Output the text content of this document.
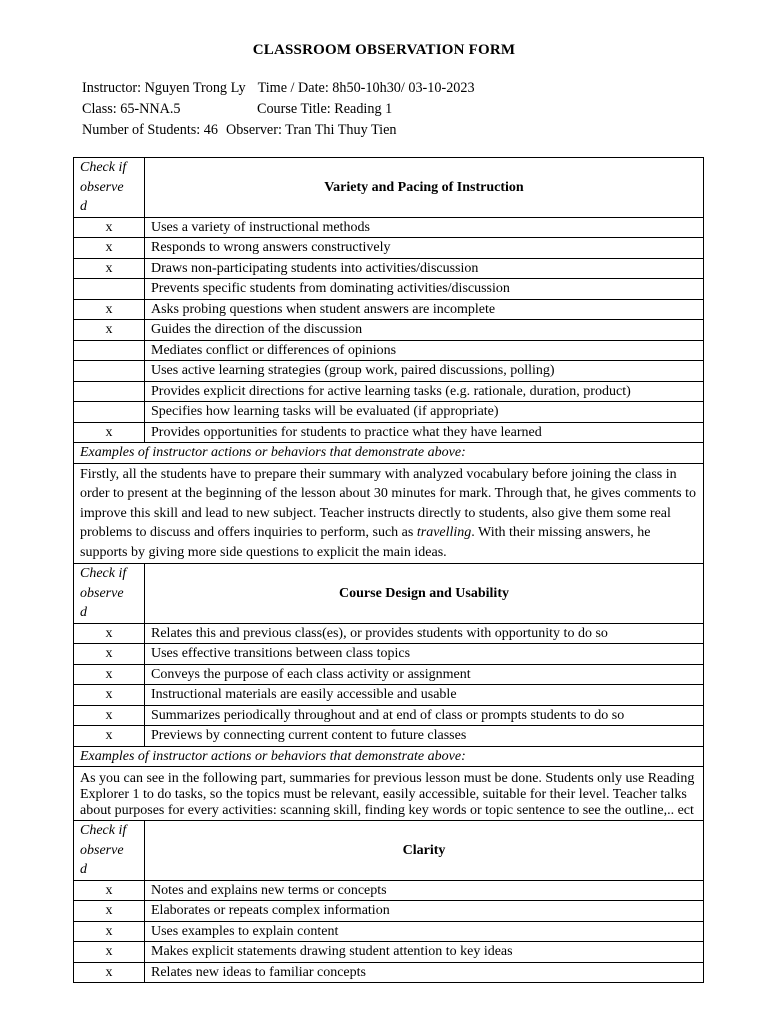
CLASSROOM OBSERVATION FORM
Instructor: Nguyen Trong Ly Time / Date: 8h50-10h30/ 03-10-2023
Class: 65-NNA.5	Course Title: Reading 1
Number of Students: 46 Observer: Tran Thi Thuy Tien
Check if
observe
d	Variety and Pacing of Instruction
x	Uses a variety of instructional methods
x	Responds to wrong answers constructively
x	Draws non-participating students into activities/discussion
	Prevents specific students from dominating activities/discussion
x	Asks probing questions when student answers are incomplete
x	Guides the direction of the discussion
	Mediates conflict or differences of opinions
	Uses active learning strategies (group work, paired discussions, polling)
	Provides explicit directions for active learning tasks (e.g. rationale, duration, product)
	Specifies how learning tasks will be evaluated (if appropriate)
x	Provides opportunities for students to practice what they have learned
Examples of instructor actions or behaviors that demonstrate above:	
Firstly, all the students have to prepare their summary with analyzed vocabulary before joining the class in order to present at the beginning of the lesson about 30 minutes for mark. Through that, he gives comments to improve this skill and lead to new subject. Teacher instructs directly to students, also give them some real problems to discuss and offers inquiries to perform, such as travelling. With their missing answers, he supports by giving more side questions to explicit the main ideas.	

Check if
observe
d	Course Design and Usability
x	Relates this and previous class(es), or provides students with opportunity to do so
x	Uses effective transitions between class topics
x	Conveys the purpose of each class activity or assignment
x	Instructional materials are easily accessible and usable
x	Summarizes periodically throughout and at end of class or prompts students to do so
x	Previews by connecting current content to future classes
Examples of instructor actions or behaviors that demonstrate above:	
As you can see in the following part, summaries for previous lesson must be done. Students only use Reading Explorer 1 to do tasks, so the topics must be relevant, easily accessible, suitable for their level. Teacher talks about purposes for every activities: scanning skill, finding key words or topic sentence to see the outline,.. ect	

Check if
observe
d	Clarity
x	Notes and explains new terms or concepts
x	Elaborates or repeats complex information
x	Uses examples to explain content
x	Makes explicit statements drawing student attention to key ideas
x	Relates new ideas to familiar concepts
